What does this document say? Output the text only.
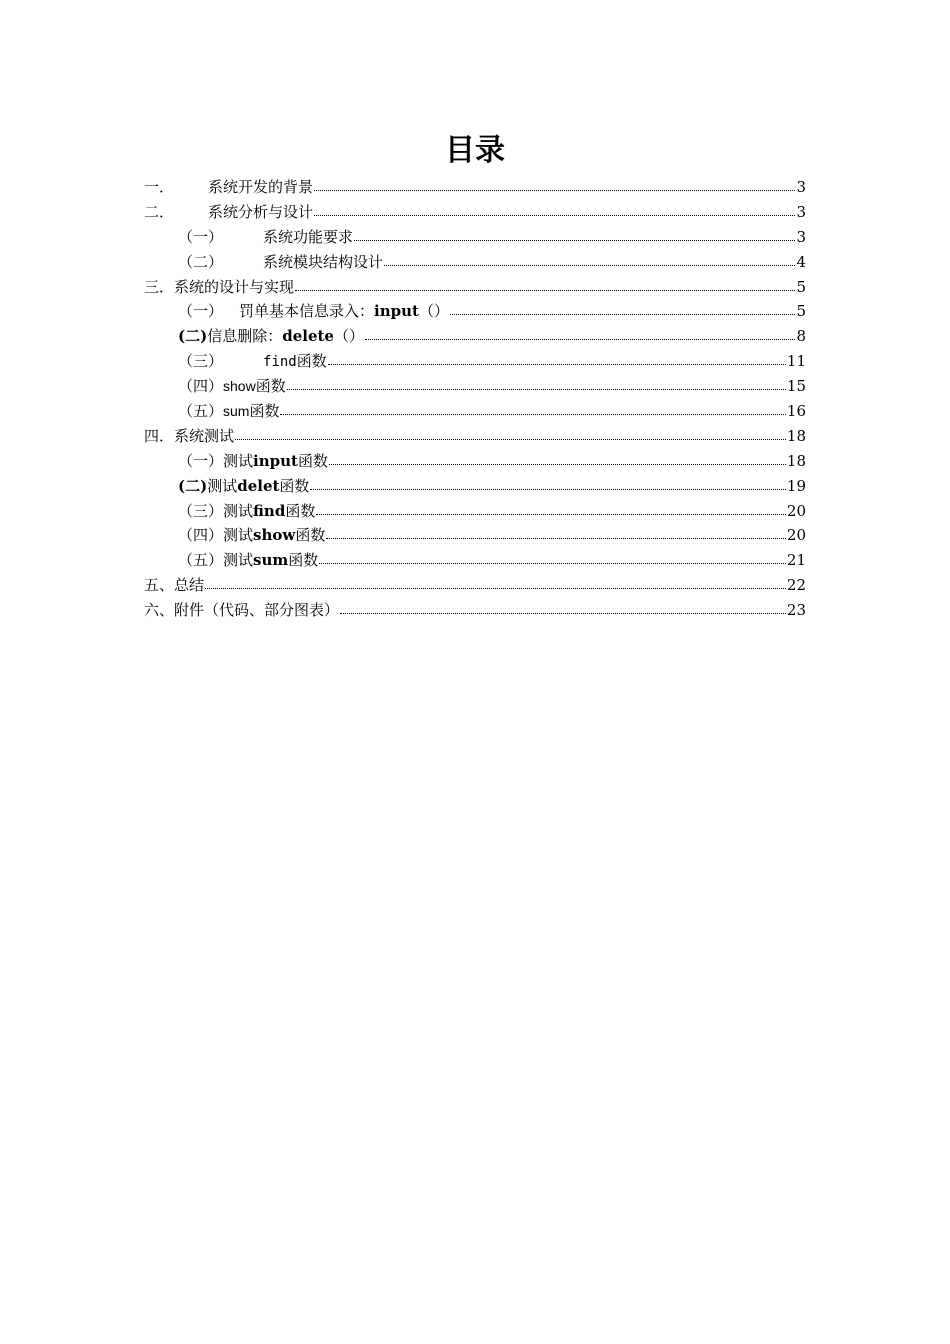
目录
一． 系统开发的背景	3
二． 系统分析与设计	3
（一）	系统功能要求	3
（二）	系统模块结构设计	4
三． 系统的设计与实现	5
（一） 罚单基本信息录入： input （）	5
(二) 信息删除： delete （）	8
（三）	find 函数	11
（四） show 函数	15
（五） sum 函数	16
四． 系统测试	18
（一） 测试 input 函数	18
(二) 测试 delet 函数	19
（三） 测试 find 函数	20
（四） 测试 show 函数	20
（五） 测试 sum 函数	21
五、 总结	22
六、 附件（代码、部分图表）	23
